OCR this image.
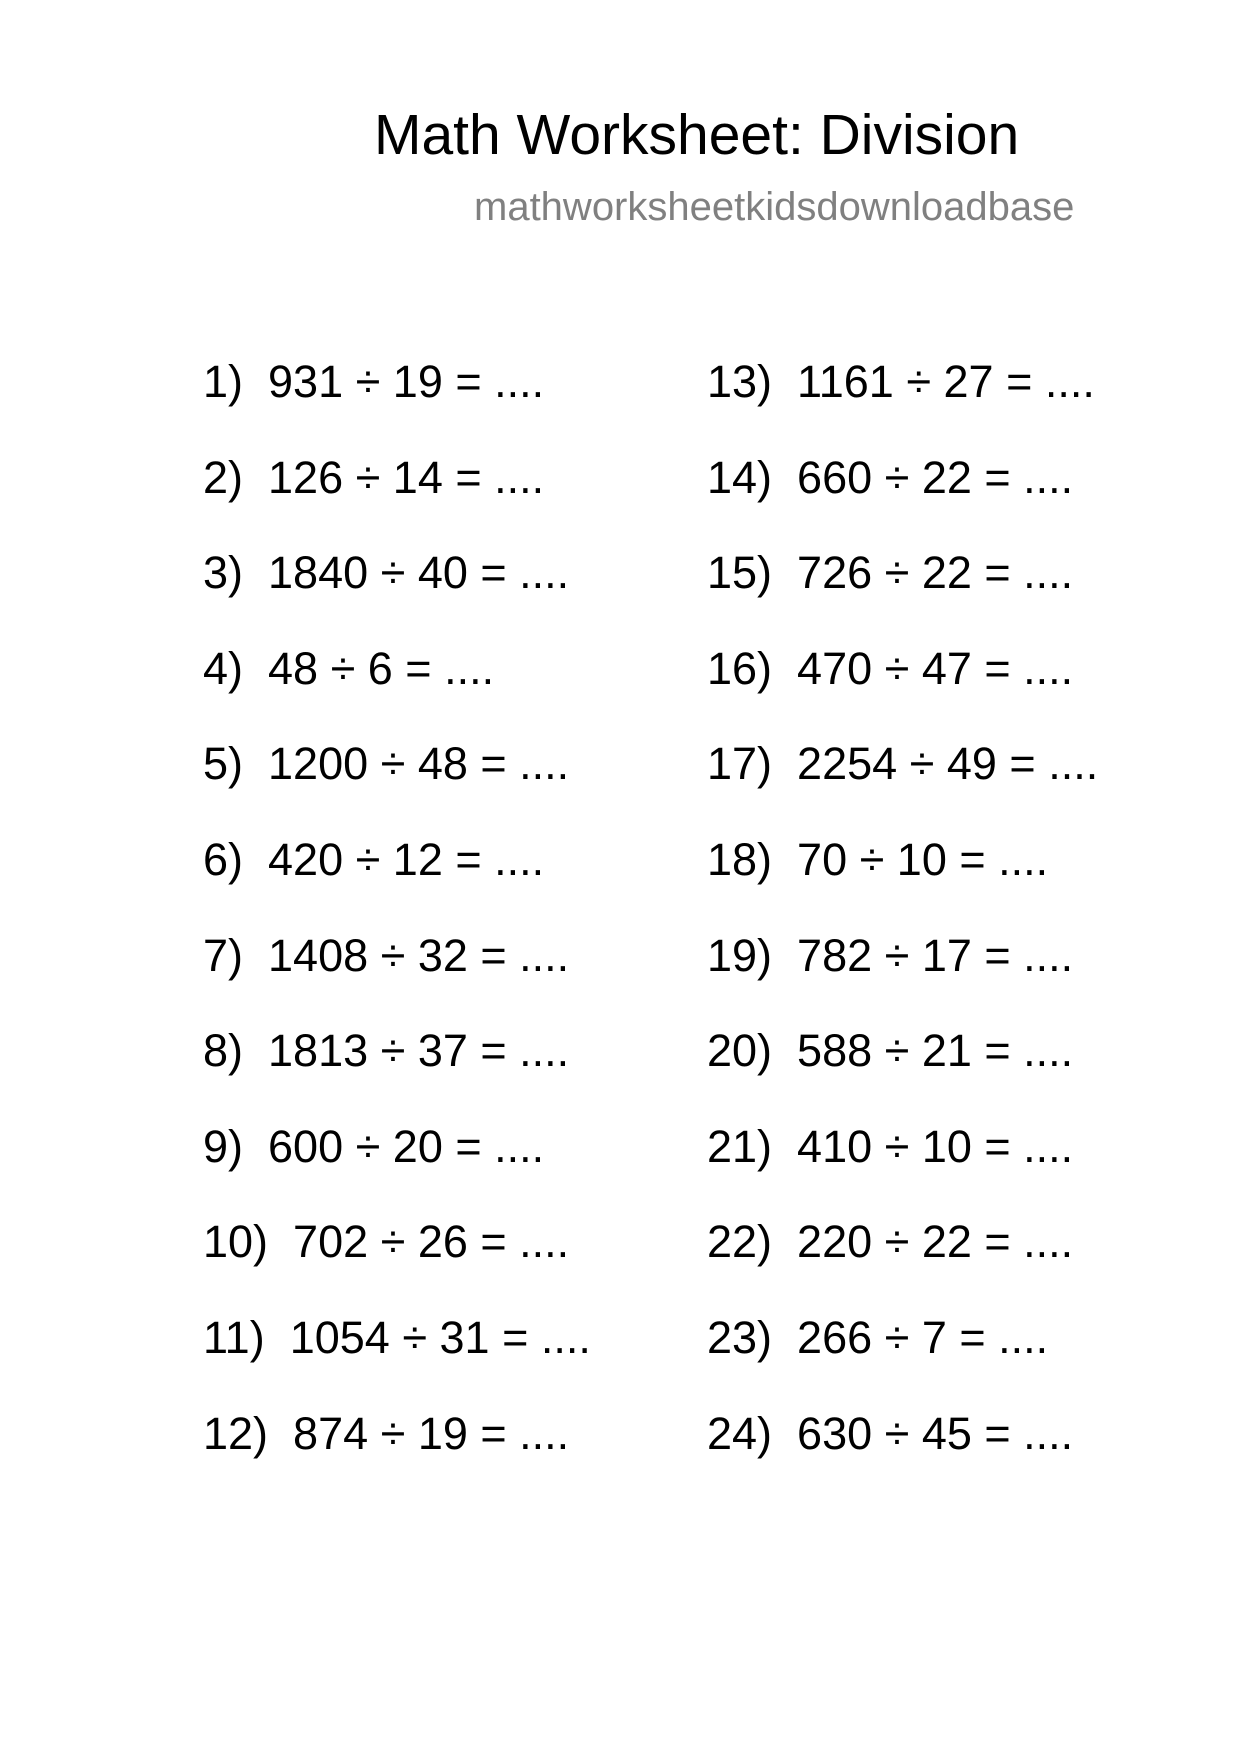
Math Worksheet: Division
mathworksheetkidsdownloadbase
1)  931 ÷ 19 = ....
2)  126 ÷ 14 = ....
3)  1840 ÷ 40 = ....
4)  48 ÷ 6 = ....
5)  1200 ÷ 48 = ....
6)  420 ÷ 12 = ....
7)  1408 ÷ 32 = ....
8)  1813 ÷ 37 = ....
9)  600 ÷ 20 = ....
10)  702 ÷ 26 = ....
11)  1054 ÷ 31 = ....
12)  874 ÷ 19 = ....
13)  1161 ÷ 27 = ....
14)  660 ÷ 22 = ....
15)  726 ÷ 22 = ....
16)  470 ÷ 47 = ....
17)  2254 ÷ 49 = ....
18)  70 ÷ 10 = ....
19)  782 ÷ 17 = ....
20)  588 ÷ 21 = ....
21)  410 ÷ 10 = ....
22)  220 ÷ 22 = ....
23)  266 ÷ 7 = ....
24)  630 ÷ 45 = ....
